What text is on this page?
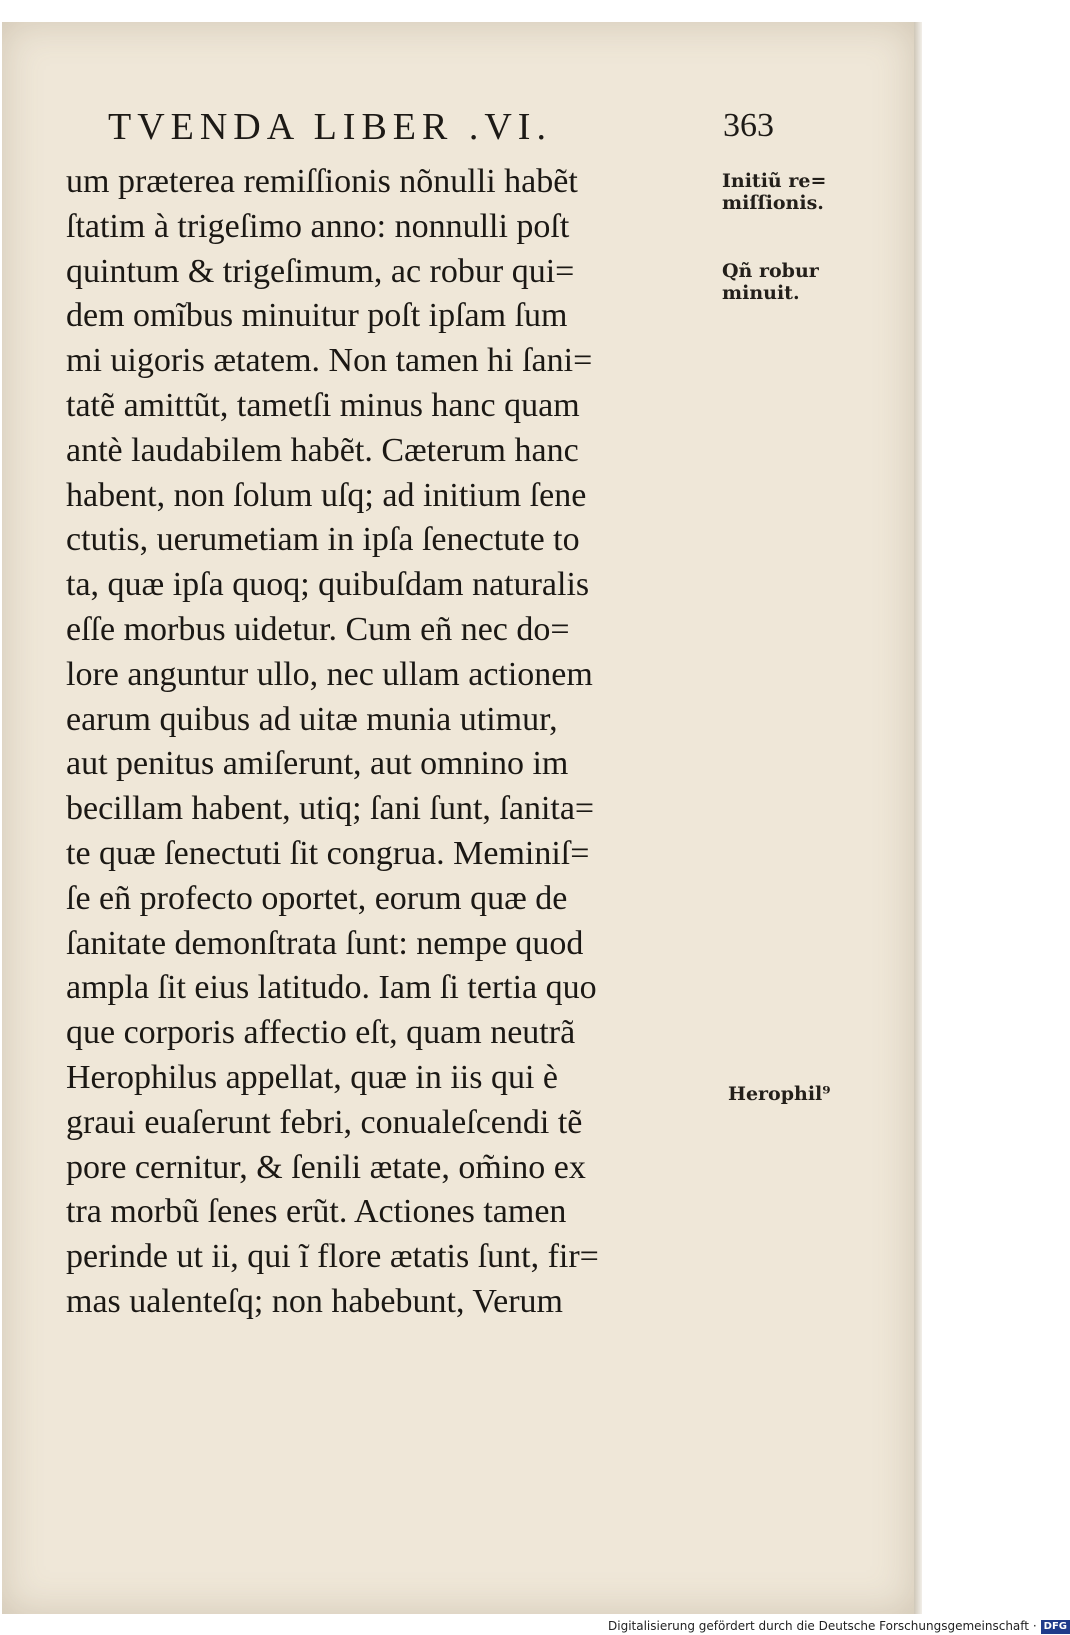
TVENDA LIBER .VI.	363
um præterea remiſſionis nõnulli habẽt
ſtatim à trigeſimo anno: nonnulli poſt
quintum & trigeſimum, ac robur qui=
dem omĩbus minuitur poſt ipſam ſum
mi uigoris ætatem. Non tamen hi ſani=
tatẽ amittũt, tametſi minus hanc quam
antè laudabilem habẽt. Cæterum hanc
habent, non ſolum uſq; ad initium ſene
ctutis, uerumetiam in ipſa ſenectute to
ta, quæ ipſa quoq; quibuſdam naturalis
eſſe morbus uidetur. Cum eñ nec do=
lore anguntur ullo, nec ullam actionem
earum quibus ad uitæ munia utimur,
aut penitus amiſerunt, aut omnino im
becillam habent, utiq; ſani ſunt, ſanita=
te quæ ſenectuti ſit congrua. Meminiſ=
ſe eñ profecto oportet, eorum quæ de
ſanitate demonſtrata ſunt: nempe quod
ampla ſit eius latitudo. Iam ſi tertia quo
que corporis affectio eſt, quam neutrã
Herophilus appellat, quæ in iis qui è
graui euaſerunt febri, conualeſcendi tẽ
pore cernitur, & ſenili ætate, om̃ino ex
tra morbũ ſenes erũt. Actiones tamen
perinde ut ii, qui ĩ flore ætatis ſunt, fir=
mas ualenteſq; non habebunt, Verum
Initiũ re=
miſſionis.
Qñ robur
minuit.
Herophil⁹
Digitalisierung gefördert durch die Deutsche Forschungsgemeinschaft · DFG
